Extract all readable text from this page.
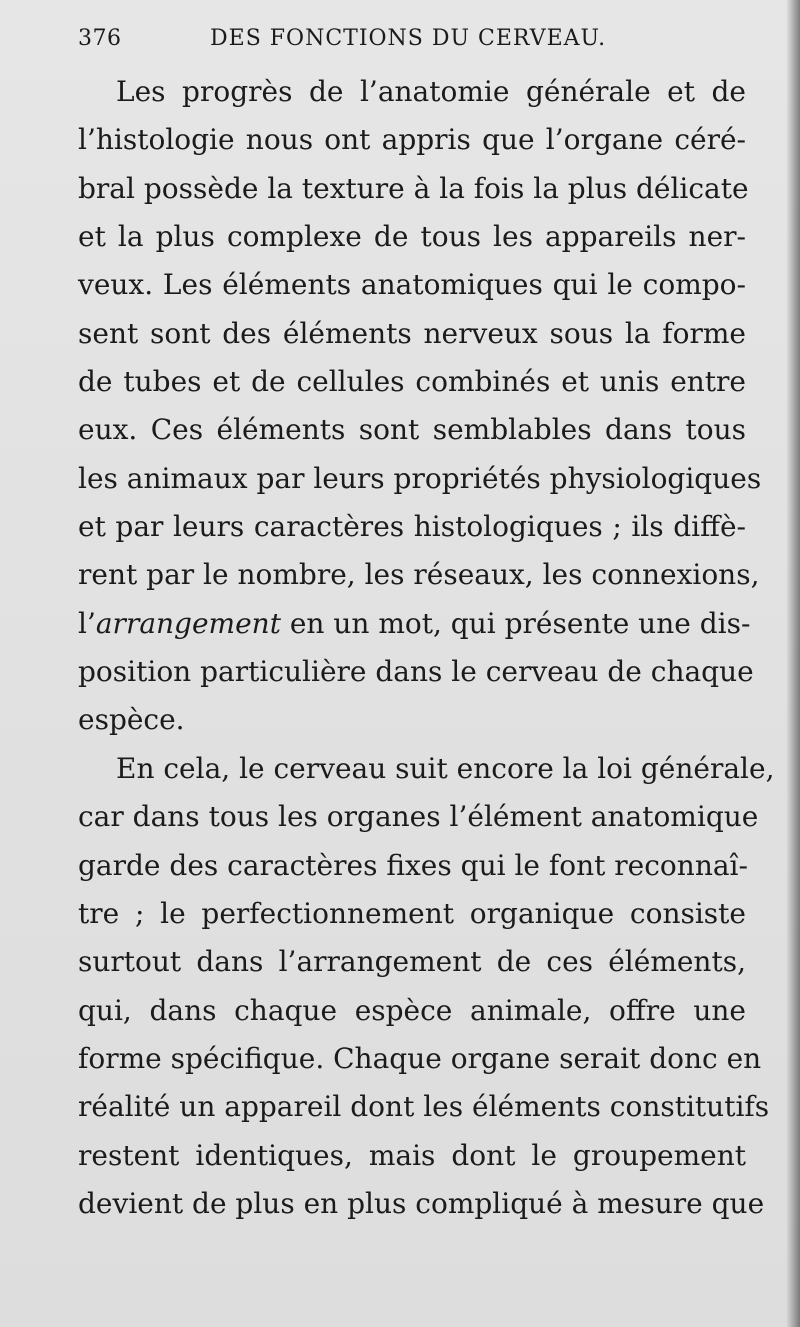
376	DES FONCTIONS DU CERVEAU.
Les progrès de l’anatomie générale et de
l’histologie nous ont appris que l’organe céré-
bral possède la texture à la fois la plus délicate
et la plus complexe de tous les appareils ner-
veux. Les éléments anatomiques qui le compo-
sent sont des éléments nerveux sous la forme
de tubes et de cellules combinés et unis entre
eux. Ces éléments sont semblables dans tous
les animaux par leurs propriétés physiologiques
et par leurs caractères histologiques ; ils diffè-
rent par le nombre, les réseaux, les connexions,
l’arrangement en un mot, qui présente une dis-
position particulière dans le cerveau de chaque
espèce.
En cela, le cerveau suit encore la loi générale,
car dans tous les organes l’élément anatomique
garde des caractères fixes qui le font reconnaî-
tre ; le perfectionnement organique consiste
surtout dans l’arrangement de ces éléments,
qui, dans chaque espèce animale, offre une
forme spécifique. Chaque organe serait donc en
réalité un appareil dont les éléments constitutifs
restent identiques, mais dont le groupement
devient de plus en plus compliqué à mesure que
